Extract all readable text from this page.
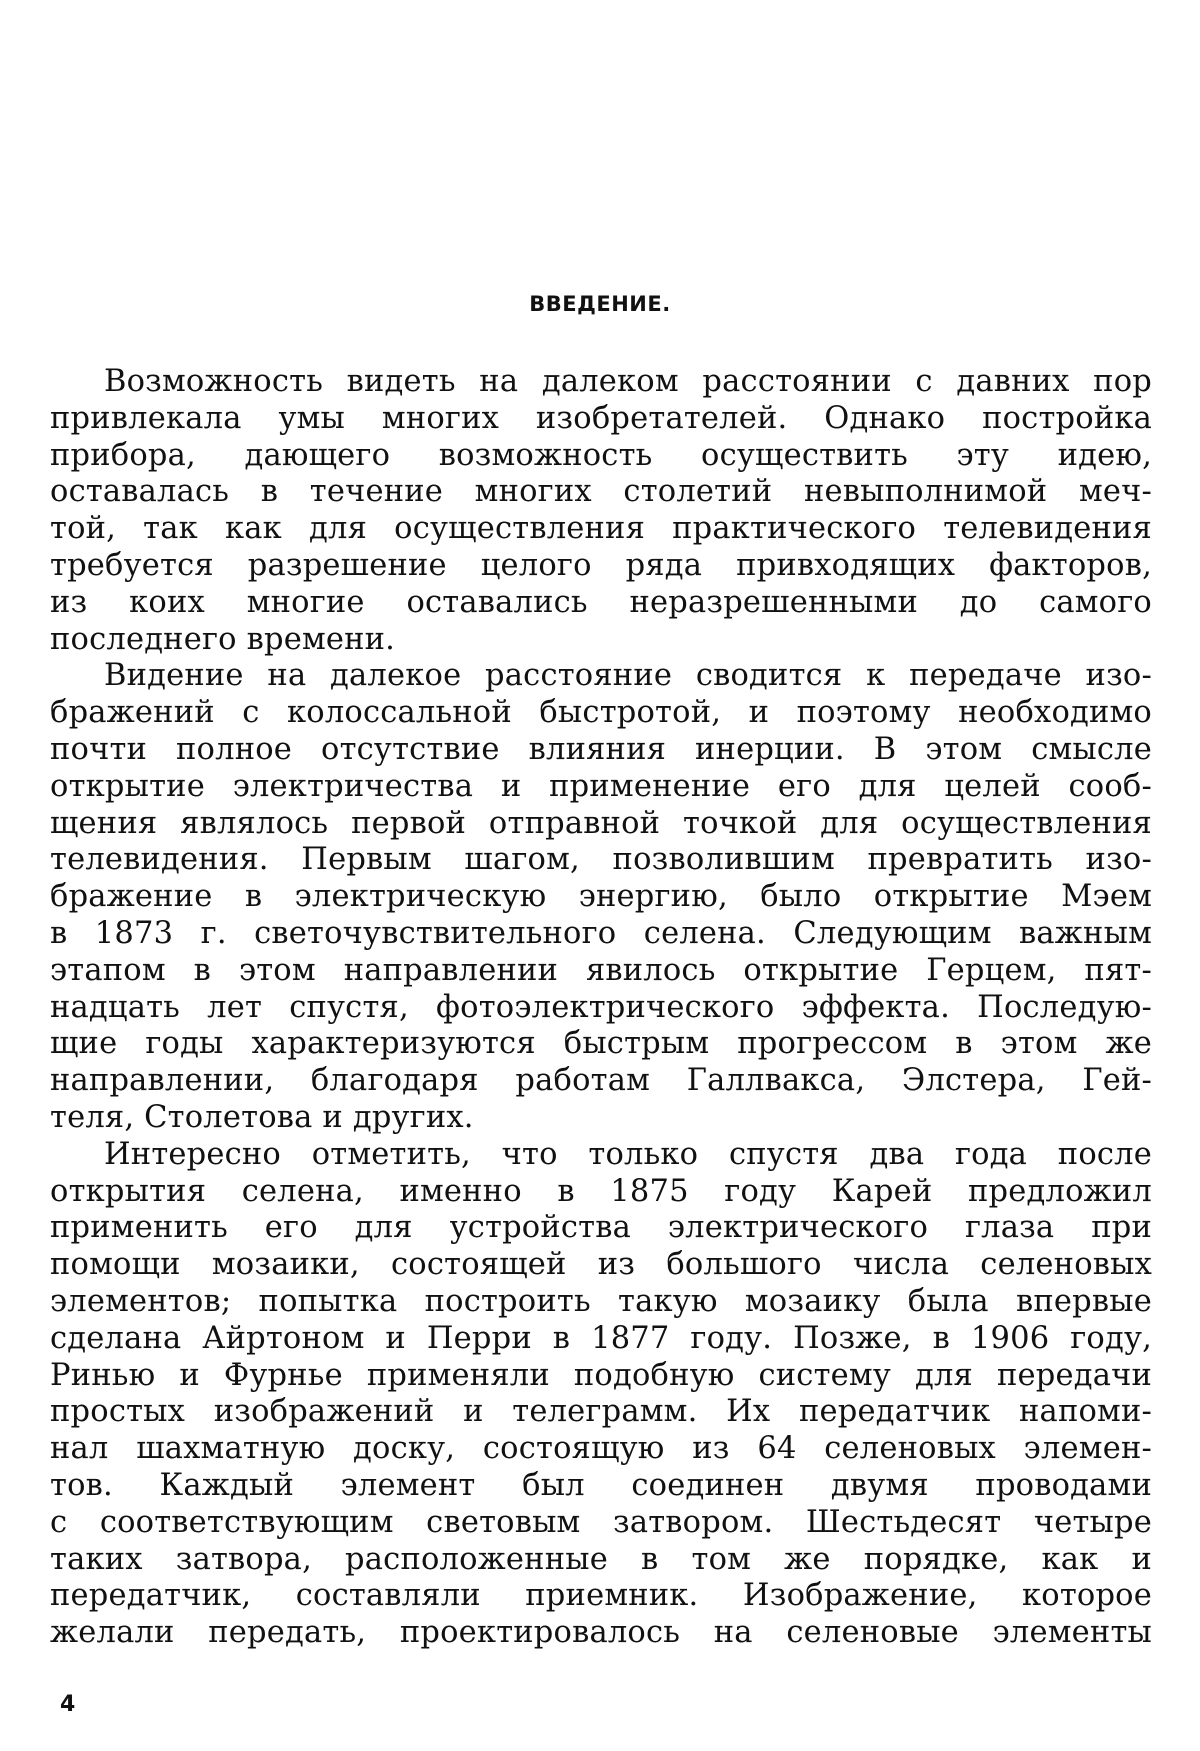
ВВЕДЕНИЕ.

Возможность видеть на далеком расстоянии с давних пор
привлекала умы многих изобретателей. Однако постройка
прибора, дающего возможность осуществить эту идею,
оставалась в течение многих столетий невыполнимой меч-
той, так как для осуществления практического телевидения
требуется разрешение целого ряда привходящих факторов,
из коих многие оставались неразрешенными до самого
последнего времени.

Видение на далекое расстояние сводится к передаче изо-
бражений с колоссальной быстротой, и поэтому необходимо
почти полное отсутствие влияния инерции. В этом смысле
открытие электричества и применение его для целей сооб-
щения являлось первой отправной точкой для осуществления
телевидения. Первым шагом, позволившим превратить изо-
бражение в электрическую энергию, было открытие Мэем
в 1873 г. светочувствительного селена. Следующим важным
этапом в этом направлении явилось открытие Герцем, пят-
надцать лет спустя, фотоэлектрического эффекта. Последую-
щие годы характеризуются быстрым прогрессом в этом же
направлении, благодаря работам Галлвакса, Элстера, Гей-
теля, Столетова и других.

Интересно отметить, что только спустя два года после
открытия селена, именно в 1875 году Карей предложил
применить его для устройства электрического глаза при
помощи мозаики, состоящей из большого числа селеновых
элементов; попытка построить такую мозаику была впервые
сделана Айртоном и Перри в 1877 году. Позже, в 1906 году,
Ринью и Фурнье применяли подобную систему для передачи
простых изображений и телеграмм. Их передатчик напоми-
нал шахматную доску, состоящую из 64 селеновых элемен-
тов. Каждый элемент был соединен двумя проводами
с соответствующим световым затвором. Шестьдесят четыре
таких затвора, расположенные в том же порядке, как и
передатчик, составляли приемник. Изображение, которое
желали передать, проектировалось на селеновые элементы

4
